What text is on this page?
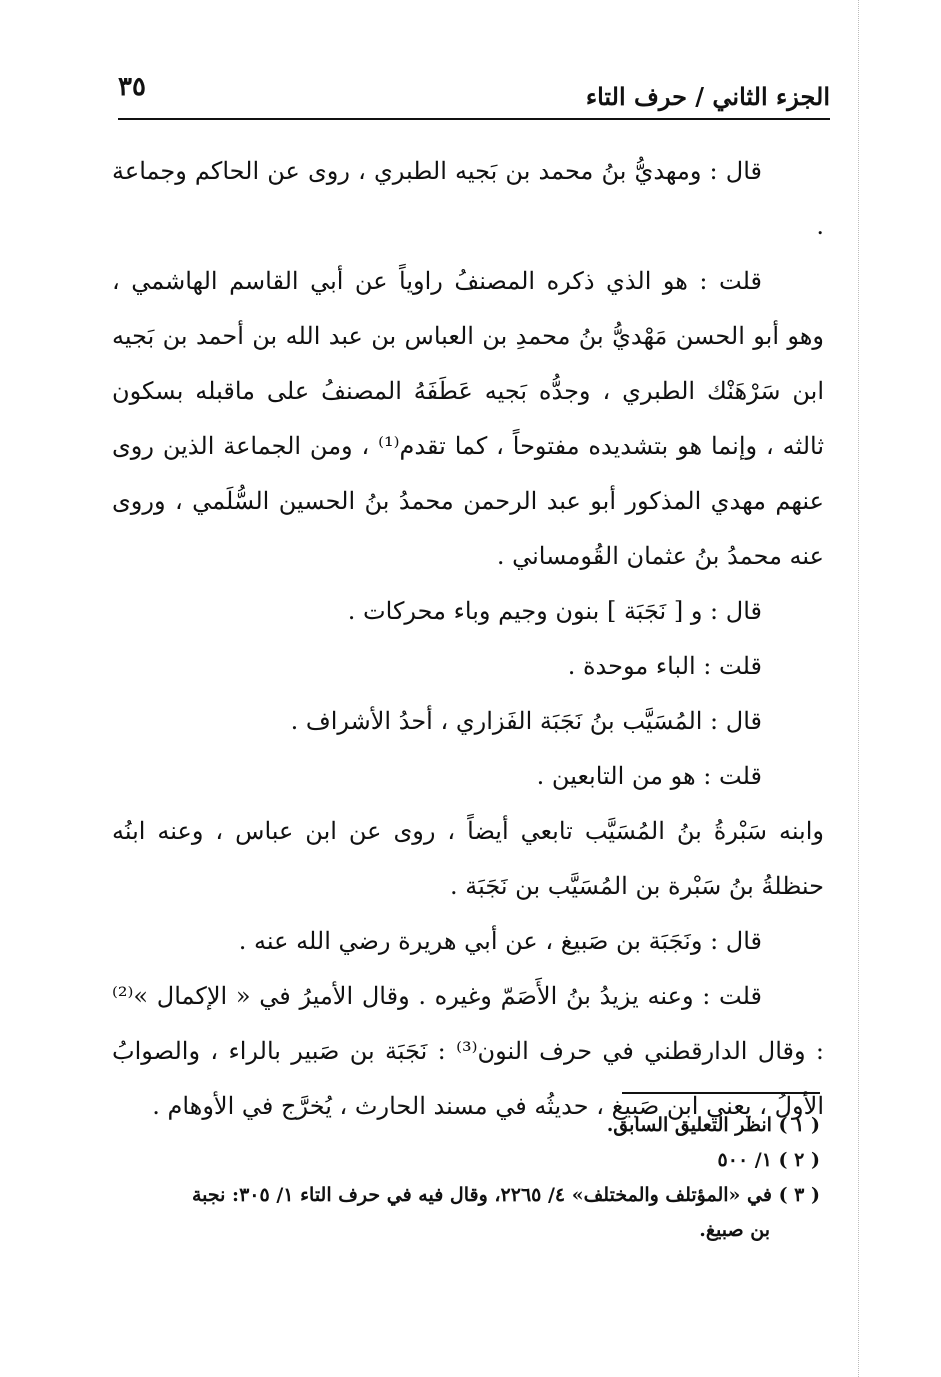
الجزء الثاني / حرف التاء
٣٥

قال : ومهديُّ بنُ محمد بن بَجيه الطبري ، روى عن الحاكم وجماعة .

قلت : هو الذي ذكره المصنفُ راوياً عن أبي القاسم الهاشمي ، وهو أبو الحسن مَهْديُّ بنُ محمدِ بن العباس بن عبد الله بن أحمد بن بَجيه ابن سَرْهَنْك الطبري ، وجدُّه بَجيه عَطَفَهُ المصنفُ على ماقبله بسكون ثالثه ، وإنما هو بتشديده مفتوحاً ، كما تقدم⁽¹⁾ ، ومن الجماعة الذين روى عنهم مهدي المذكور أبو عبد الرحمن محمدُ بنُ الحسين السُّلَمي ، وروى عنه محمدُ بنُ عثمان القُومساني .

قال : و [ نَجَبَة ] بنون وجيم وباء محركات .

قلت : الباء موحدة .

قال : المُسَيَّب بنُ نَجَبَة الفَزاري ، أحدُ الأشراف .

قلت : هو من التابعين .

وابنه سَبْرةُ بنُ المُسَيَّب تابعي أيضاً ، روى عن ابن عباس ، وعنه ابنُه حنظلةُ بنُ سَبْرة بن المُسَيَّب بن نَجَبَة .

قال : ونَجَبَة بن صَبيغ ، عن أبي هريرة رضي الله عنه .

قلت : وعنه يزيدُ بنُ الأَصَمّ وغيره . وقال الأميرُ في « الإكمال »⁽²⁾ : وقال الدارقطني في حرف النون⁽³⁾ : نَجَبَة بن صَبير بالراء ، والصوابُ الأولُ ، يعني ابن صَبيغ ، حديثُه في مسند الحارث ، يُخرَّج في الأوهام .

( ١ ) انظر التعليق السابق.

( ٢ ) ١/ ٥٠٠

( ٣ ) في «المؤتلف والمختلف» ٤/ ٢٢٦٥، وقال فيه في حرف التاء ١/ ٣٠٥: نجبة

بن صبيغ.
